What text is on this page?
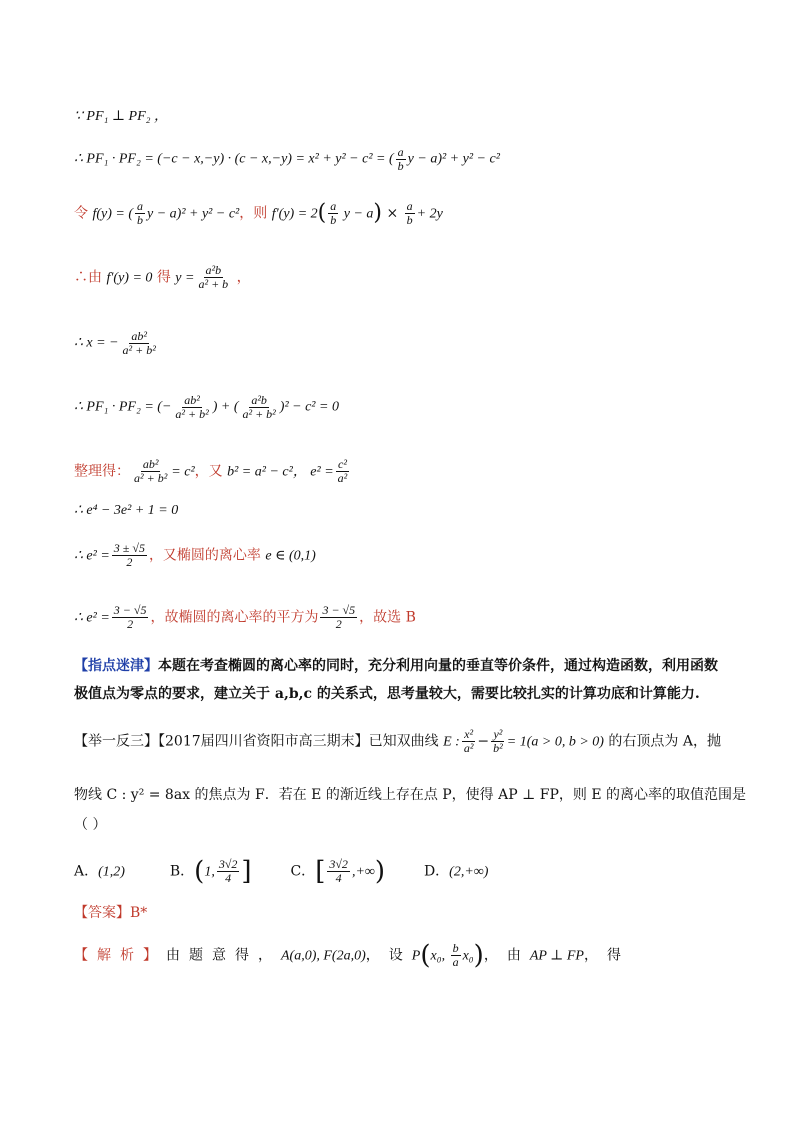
∵ PF₁ ⊥ PF₂ ，
∴ PF₁ · PF₂ = (−c − x,−y) · (c − x,−y) = x² + y² − c² = ( $\frac{a}{b}$ y − a)² + y² − c²
令 f(y) = ( $\frac{a}{b}$ y − a)² + y² − c²，则 $f'(y) = 2( \frac{a}{b}$ $y - a) \times \frac{a}{b} + 2y$
∴由 f′(y) = 0 得 $y = \frac{\text{a²b}}{\text{a² + b}}$ ，
∴ x = − $\frac{\text{ab²}}{\text{a² + b²}}$
∴ PF₁ · PF₂ = (− $\frac{\text{ab²}}{\text{a² + b²}}$ ) + ( $\frac{\text{a²b}}{\text{a² + b²}} )^2 - c^2 = 0$
整理得： $\frac{\text{ab²}}{\text{a² + b²}} = c^2$，又 b² = a² − c²， $e^2 = \frac{\text{c²}}{\text{a²}}$
∴ e⁴ − 3e² + 1 = 0
∴ $e^2 = \frac{3 \pm √5}{2}$ ，又椭圆的离心率 e ∈ (0,1)
∴ $e^2 = \frac{3 - √5}{2}$ ，故椭圆的离心率的平方为 $\frac{3 - √5}{2}$ ，故选 B
【指点迷津】本题在考查椭圆的离心率的同时，充分利用向量的垂直等价条件，通过构造函数，利用函数极值点为零点的要求，建立关于 a,b,c 的关系式，思考量较大，需要比较扎实的计算功底和计算能力.
【举一反三】【2017届四川省资阳市高三期末】已知双曲线 E : $\frac{\text{x²}}{\text{a²}} - \frac{\text{y²}}{\text{b²}} = 1(a > 0$, b > 0) 的右顶点为 A，抛
物线 C : y² = 8ax 的焦点为 F．若在 E 的渐近线上存在点 P，使得 AP ⊥ FP，则 E 的离心率的取值范围是
（ ）
A．(1,2)	B．(1, $\frac{3√2}{4}$ ]	C．[ $\frac{3√2}{4}$ ,+∞)	D．(2,+∞)
【答案】B*
【解析】由题意得，A(a,0), F(2a,0)，设P(x₀, $\frac{b}{a} x_0$)，由AP ⊥ FP，得
